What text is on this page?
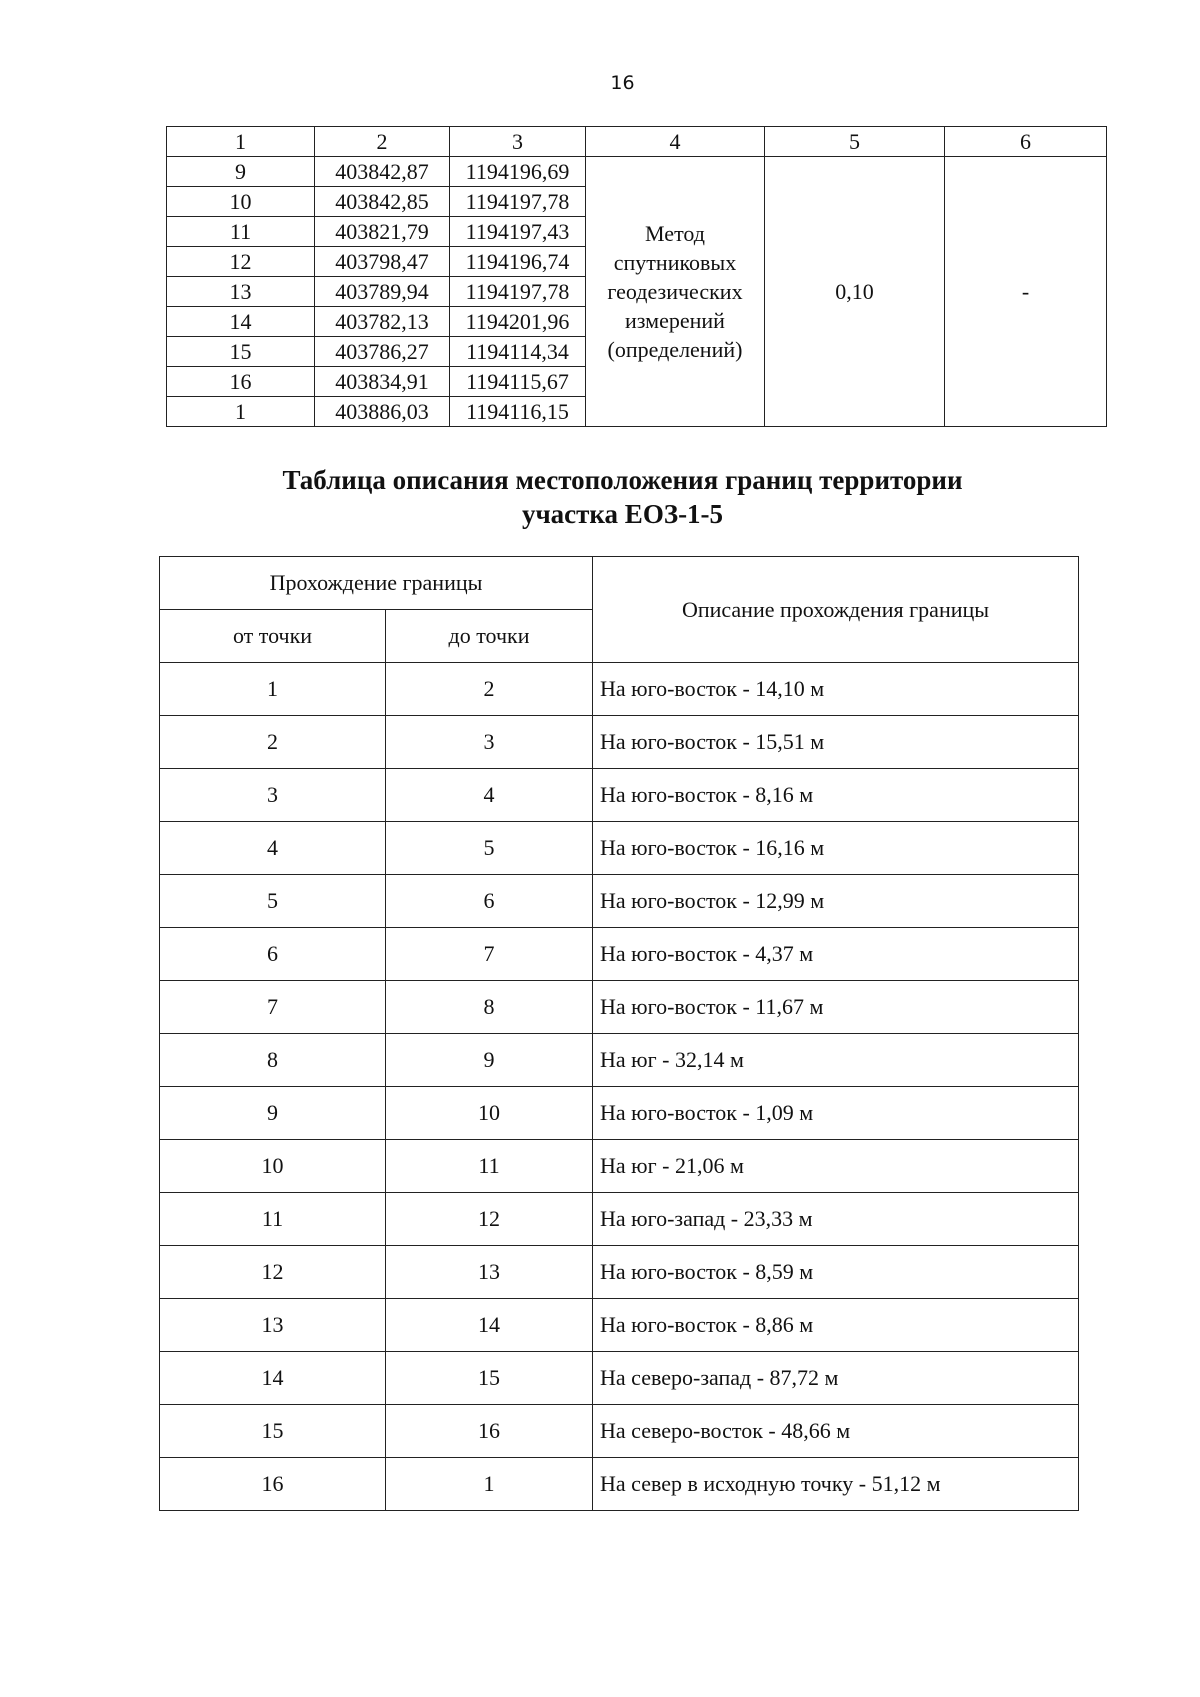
16
1	2	3	4	5	6
9	403842,87	1194196,69	Метод
спутниковых
геодезических
измерений
(определений)	0,10	-
10	403842,85	1194197,78			
11	403821,79	1194197,43			
12	403798,47	1194196,74			
13	403789,94	1194197,78			
14	403782,13	1194201,96			
15	403786,27	1194114,34			
16	403834,91	1194115,67			
1	403886,03	1194116,15			
Таблица описания местоположения границ территории
участка ЕОЗ-1-5
Прохождение границы		Описание прохождения границы
от точки	до точки	
1	2	На юго-восток - 14,10 м
2	3	На юго-восток - 15,51 м
3	4	На юго-восток - 8,16 м
4	5	На юго-восток - 16,16 м
5	6	На юго-восток - 12,99 м
6	7	На юго-восток - 4,37 м
7	8	На юго-восток - 11,67 м
8	9	На юг - 32,14 м
9	10	На юго-восток - 1,09 м
10	11	На юг - 21,06 м
11	12	На юго-запад - 23,33 м
12	13	На юго-восток - 8,59 м
13	14	На юго-восток - 8,86 м
14	15	На северо-запад - 87,72 м
15	16	На северо-восток - 48,66 м
16	1	На север в исходную точку - 51,12 м
